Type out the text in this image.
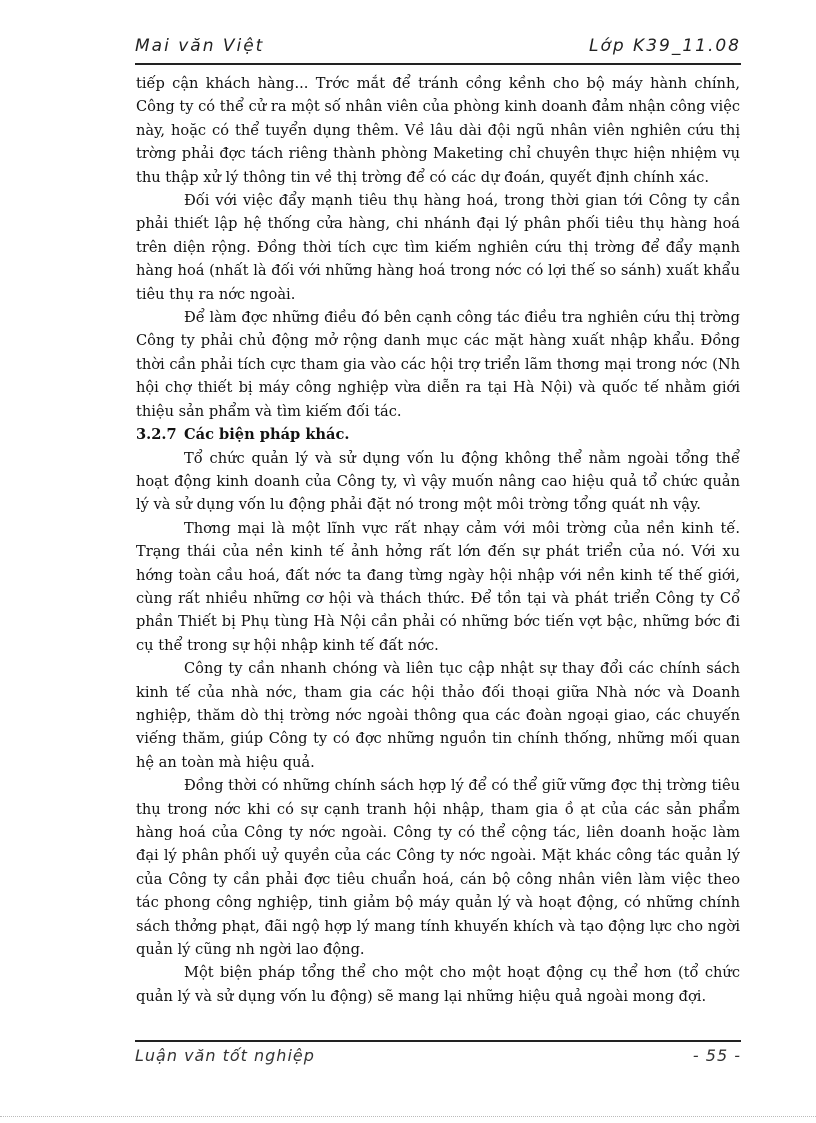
Mai văn Việt	Lớp K39_11.08

tiếp cận khách hàng... Trớc mắt để tránh cồng kềnh cho bộ máy hành chính, Công ty có thể cử ra một số nhân viên của phòng kinh doanh đảm nhận công việc này, hoặc có thể tuyển dụng thêm. Về lâu dài đội ngũ nhân viên nghiên cứu thị trờng phải đợc tách riêng thành phòng Maketing chỉ chuyên thực hiện nhiệm vụ thu thập xử lý thông tin về thị trờng để có các dự đoán, quyết định chính xác.

Đối với việc đẩy mạnh tiêu thụ hàng hoá, trong thời gian tới Công ty cần phải thiết lập hệ thống cửa hàng, chi nhánh đại lý phân phối tiêu thụ hàng hoá trên diện rộng. Đồng thời tích cực tìm kiếm nghiên cứu thị trờng để đẩy mạnh hàng hoá (nhất là đối với những hàng hoá trong nớc có lợi thế so sánh) xuất khẩu tiêu thụ ra nớc ngoài.

Để làm đợc những điều đó bên cạnh công tác điều tra nghiên cứu thị trờng Công ty phải chủ động mở rộng danh mục các mặt hàng xuất nhập khẩu. Đồng thời cần phải tích cực tham gia vào các hội trợ triển lãm thơng mại trong nớc (Nh hội chợ thiết bị máy công nghiệp vừa diễn ra tại Hà Nội) và quốc tế nhằm giới thiệu sản phẩm và tìm kiếm đối tác.

3.2.7 Các biện pháp khác.

Tổ chức quản lý và sử dụng vốn lu động không thể nằm ngoài tổng thể hoạt động kinh doanh của Công ty, vì vậy muốn nâng cao hiệu quả tổ chức quản lý và sử dụng vốn lu động phải đặt nó trong một môi trờng tổng quát nh vậy.

Thơng mại là một lĩnh vực rất nhạy cảm với môi trờng của nền kinh tế. Trạng thái của nền kinh tế ảnh hởng rất lớn đến sự phát triển của nó. Với xu hớng toàn cầu hoá, đất nớc ta đang từng ngày hội nhập với nền kinh tế thế giới, cùng rất nhiều những cơ hội và thách thức. Để tồn tại và phát triển Công ty Cổ phần Thiết bị Phụ tùng Hà Nội cần phải có những bớc tiến vợt bậc, những bớc đi cụ thể trong sự hội nhập kinh tế đất nớc.

Công ty cần nhanh chóng và liên tục cập nhật sự thay đổi các chính sách kinh tế của nhà nớc, tham gia các hội thảo đối thoại giữa Nhà nớc và Doanh nghiệp, thăm dò thị trờng nớc ngoài thông qua các đoàn ngoại giao, các chuyến viếng thăm, giúp Công ty có đợc những nguồn tin chính thống, những mối quan hệ an toàn mà hiệu quả.

Đồng thời có những chính sách hợp lý để có thể giữ vững đợc thị trờng tiêu thụ trong nớc khi có sự cạnh tranh hội nhập, tham gia ồ ạt của các sản phẩm hàng hoá của Công ty nớc ngoài. Công ty có thể cộng tác, liên doanh hoặc làm đại lý phân phối uỷ quyền của các Công ty nớc ngoài. Mặt khác công tác quản lý của Công ty cần phải đợc tiêu chuẩn hoá, cán bộ công nhân viên làm việc theo tác phong công nghiệp, tinh giảm bộ máy quản lý và hoạt động, có những chính sách thởng phạt, đãi ngộ hợp lý mang tính khuyến khích và tạo động lực cho ngời quản lý cũng nh ngời lao động.

Một biện pháp tổng thể cho một cho một hoạt động cụ thể hơn (tổ chức quản lý và sử dụng vốn lu động) sẽ mang lại những hiệu quả ngoài mong đợi.

Luận văn tốt nghiệp	- 55 -
